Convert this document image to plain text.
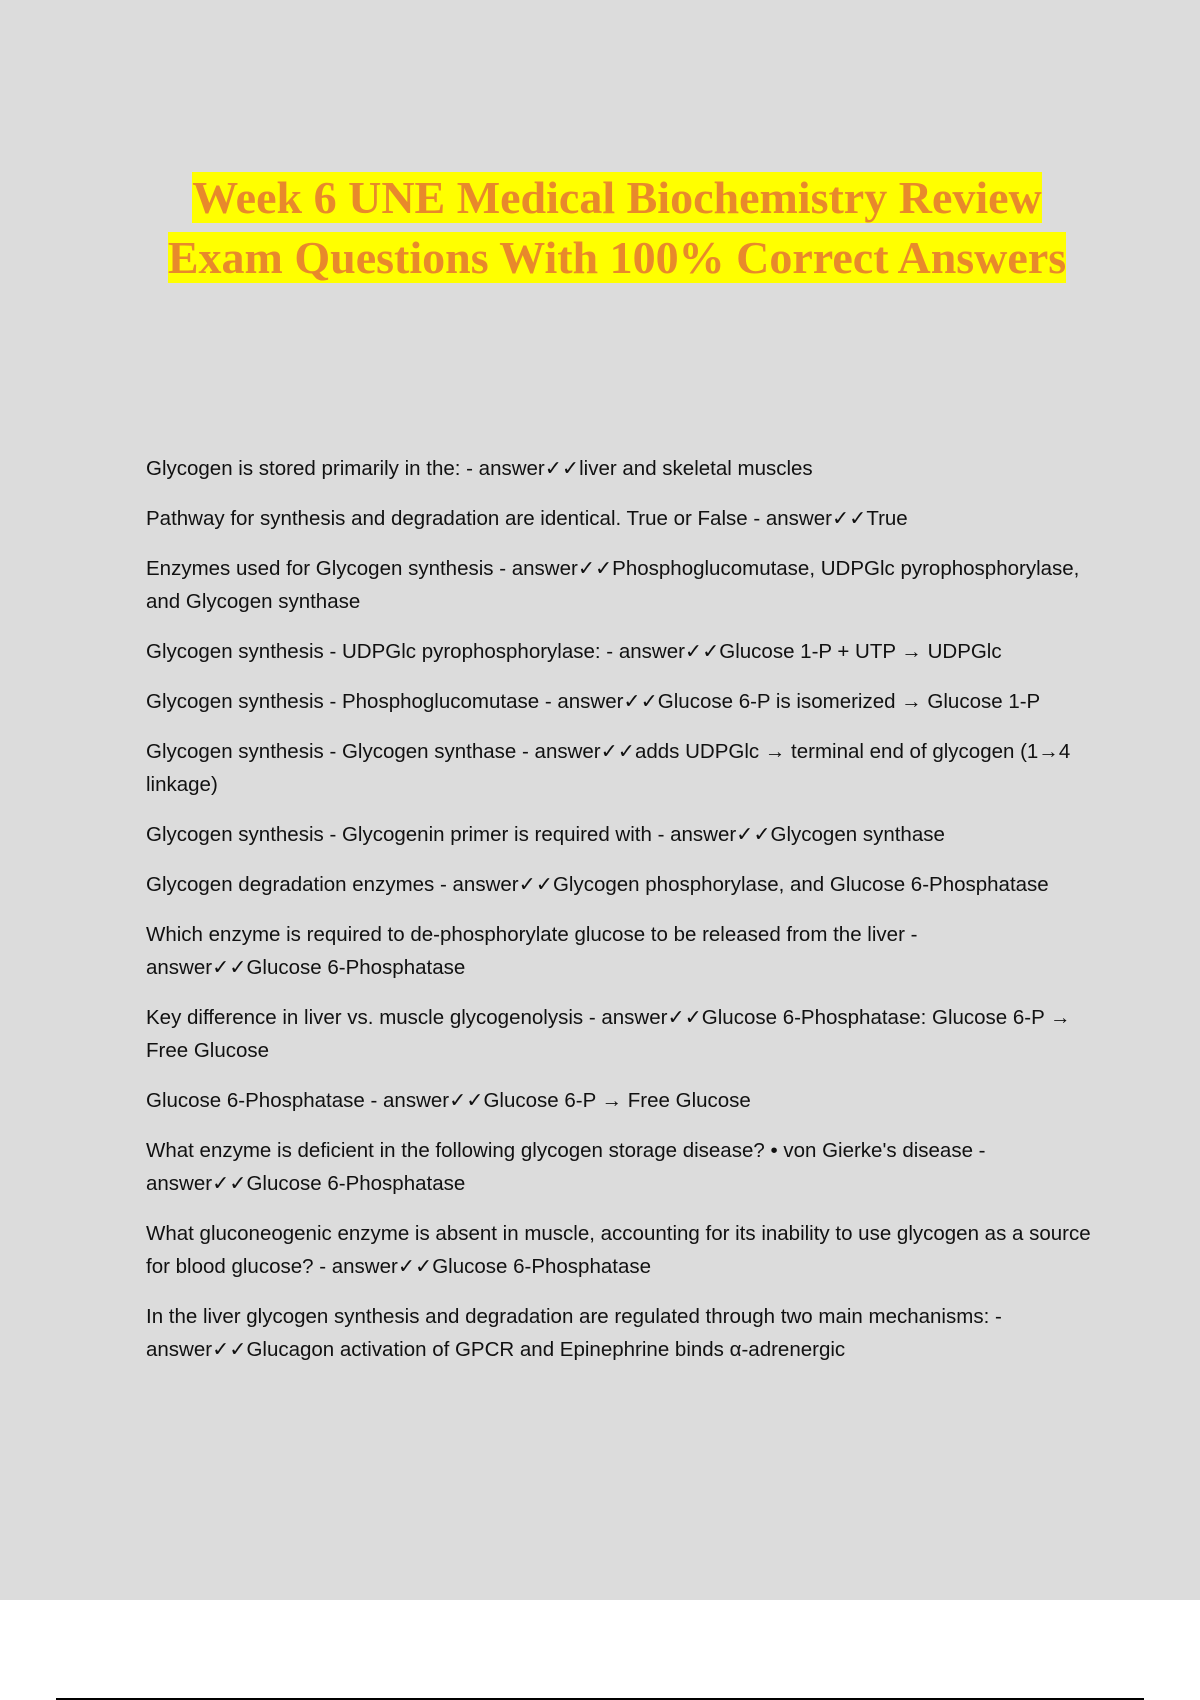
Week 6 UNE Medical Biochemistry Review Exam Questions With 100% Correct Answers
Glycogen is stored primarily in the: - answer✓✓liver and skeletal muscles
Pathway for synthesis and degradation are identical. True or False - answer✓✓True
Enzymes used for Glycogen synthesis - answer✓✓Phosphoglucomutase, UDPGlc pyrophosphorylase, and Glycogen synthase
Glycogen synthesis - UDPGlc pyrophosphorylase: - answer✓✓Glucose 1-P + UTP → UDPGlc
Glycogen synthesis - Phosphoglucomutase - answer✓✓Glucose 6-P is isomerized → Glucose 1-P
Glycogen synthesis - Glycogen synthase - answer✓✓adds UDPGlc → terminal end of glycogen (1→4 linkage)
Glycogen synthesis - Glycogenin primer is required with - answer✓✓Glycogen synthase
Glycogen degradation enzymes - answer✓✓Glycogen phosphorylase, and Glucose 6-Phosphatase
Which enzyme is required to de-phosphorylate glucose to be released from the liver - answer✓✓Glucose 6-Phosphatase
Key difference in liver vs. muscle glycogenolysis - answer✓✓Glucose 6-Phosphatase: Glucose 6-P → Free Glucose
Glucose 6-Phosphatase - answer✓✓Glucose 6-P → Free Glucose
What enzyme is deficient in the following glycogen storage disease? • von Gierke's disease - answer✓✓Glucose 6-Phosphatase
What gluconeogenic enzyme is absent in muscle, accounting for its inability to use glycogen as a source for blood glucose? - answer✓✓Glucose 6-Phosphatase
In the liver glycogen synthesis and degradation are regulated through two main mechanisms: - answer✓✓Glucagon activation of GPCR and Epinephrine binds α-adrenergic
